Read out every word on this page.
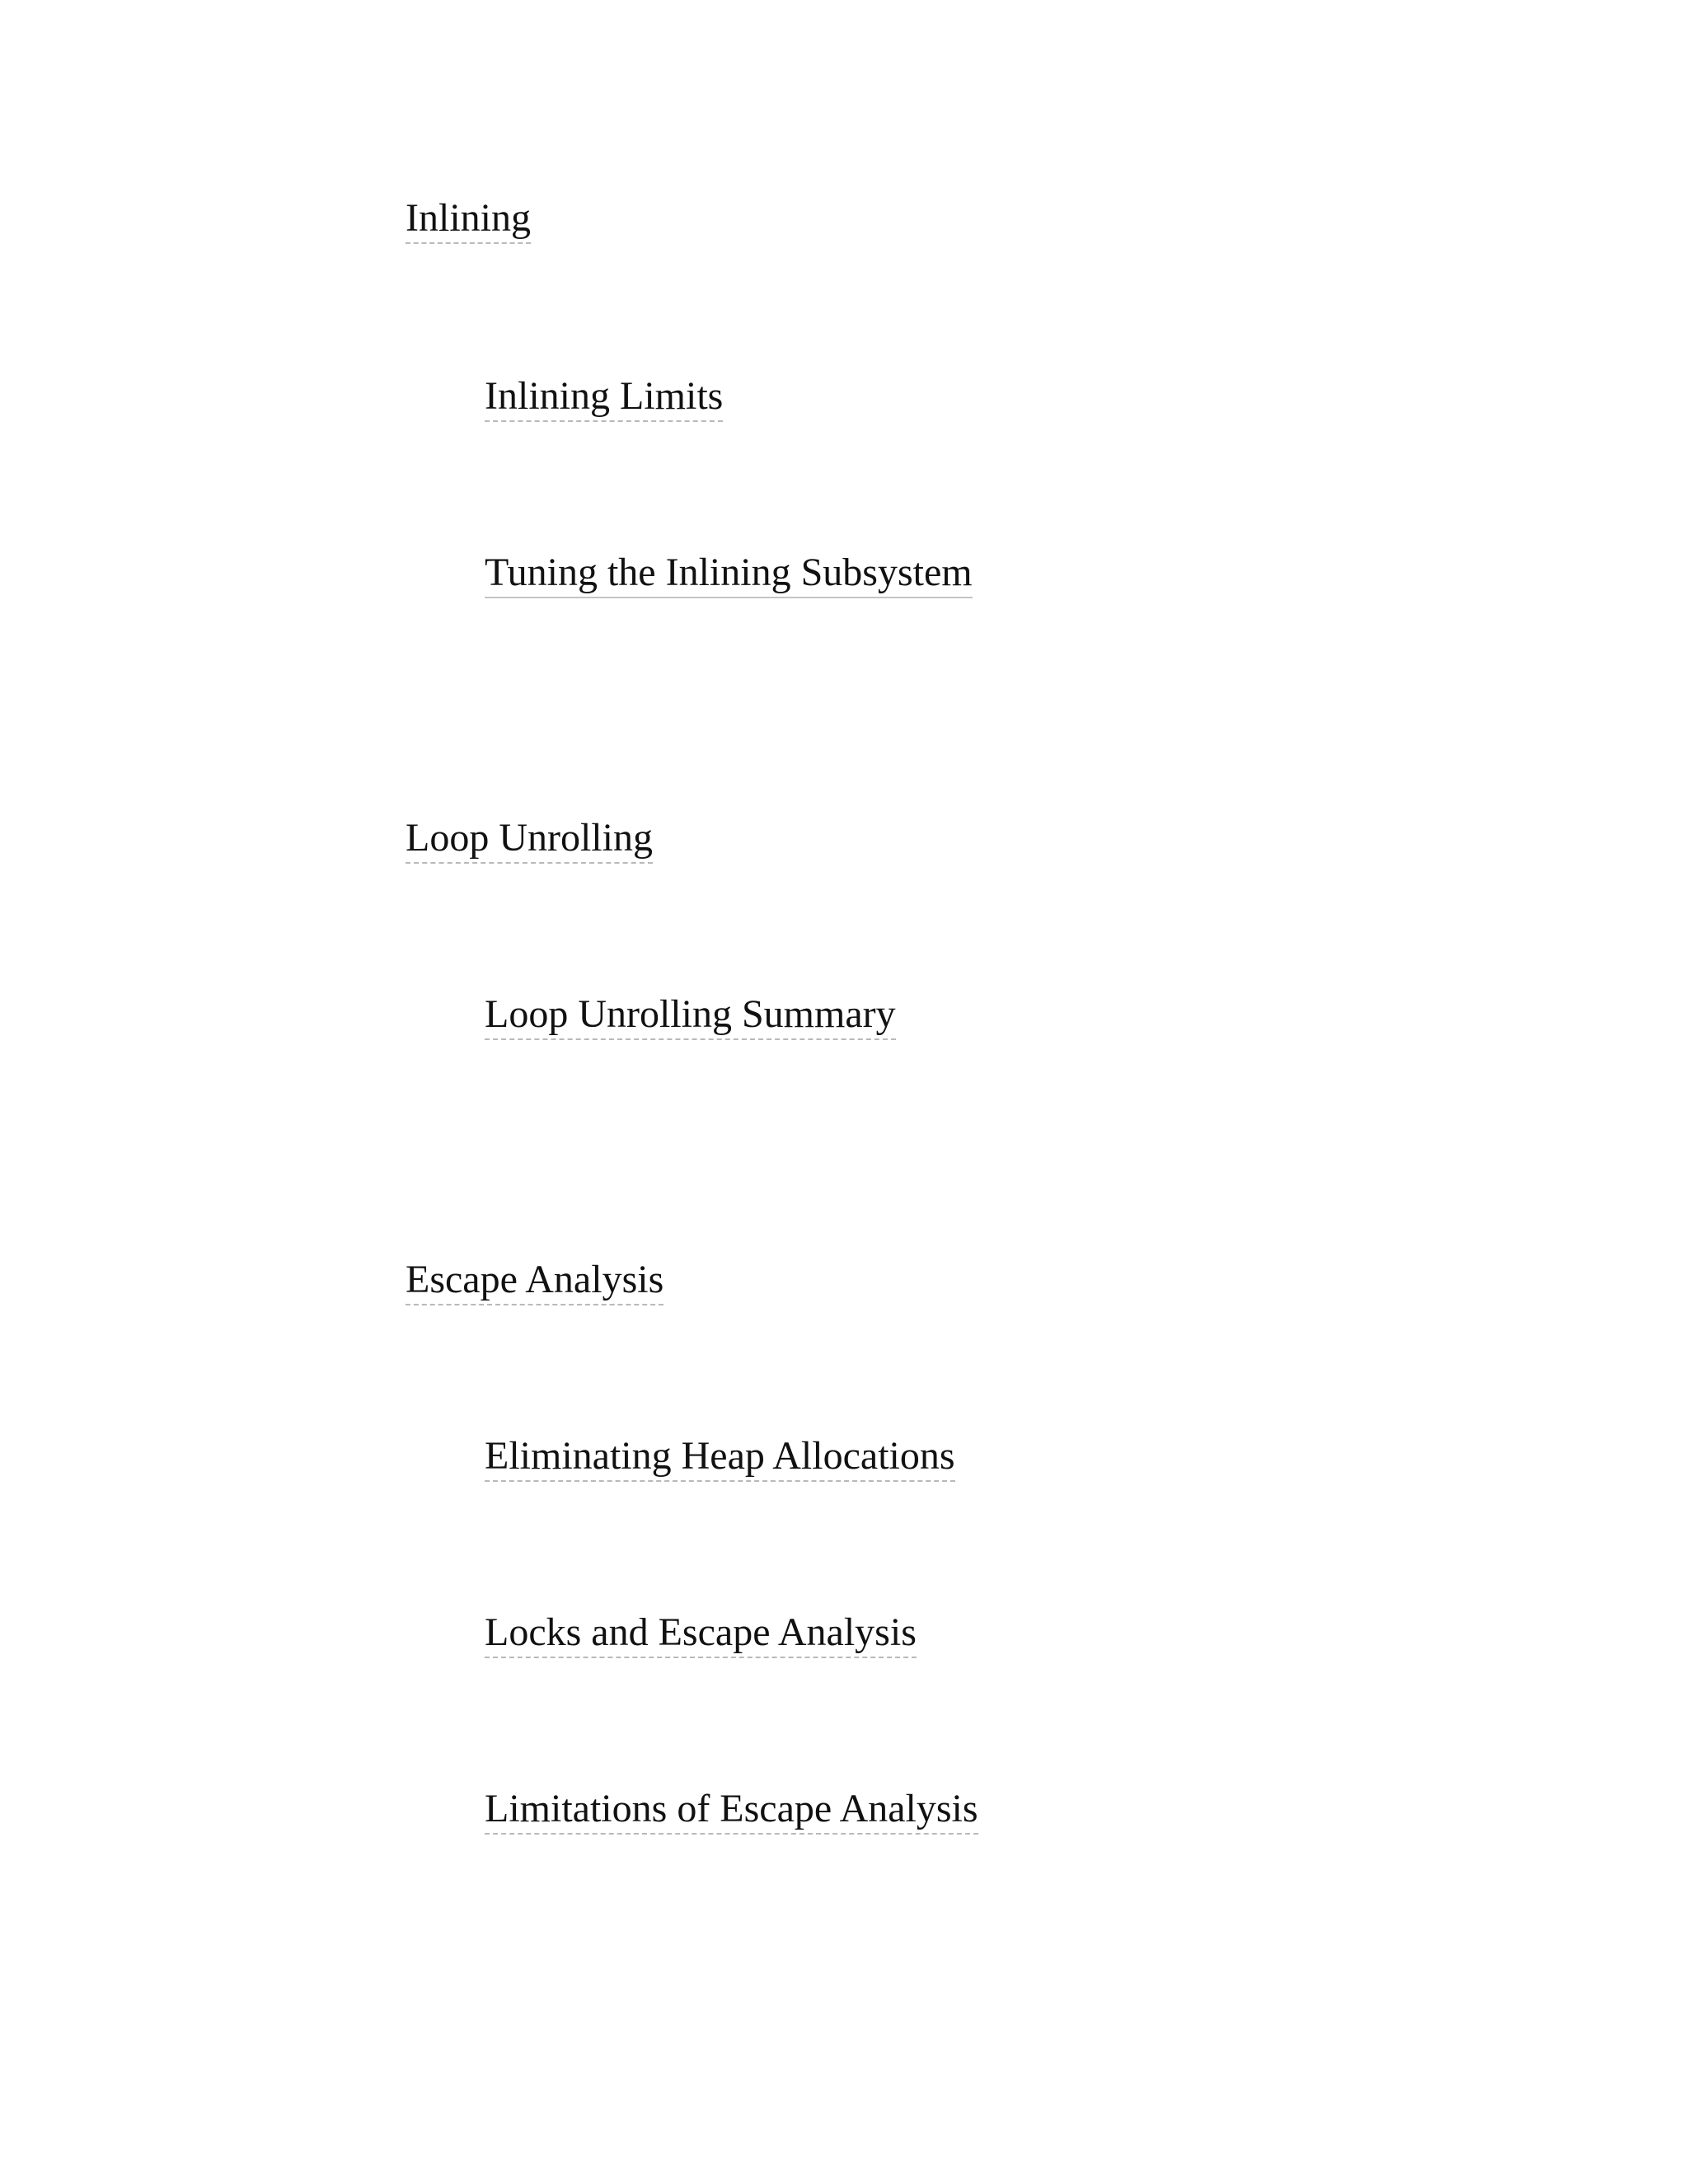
Inlining
Inlining Limits
Tuning the Inlining Subsystem
Loop Unrolling
Loop Unrolling Summary
Escape Analysis
Eliminating Heap Allocations
Locks and Escape Analysis
Limitations of Escape Analysis
